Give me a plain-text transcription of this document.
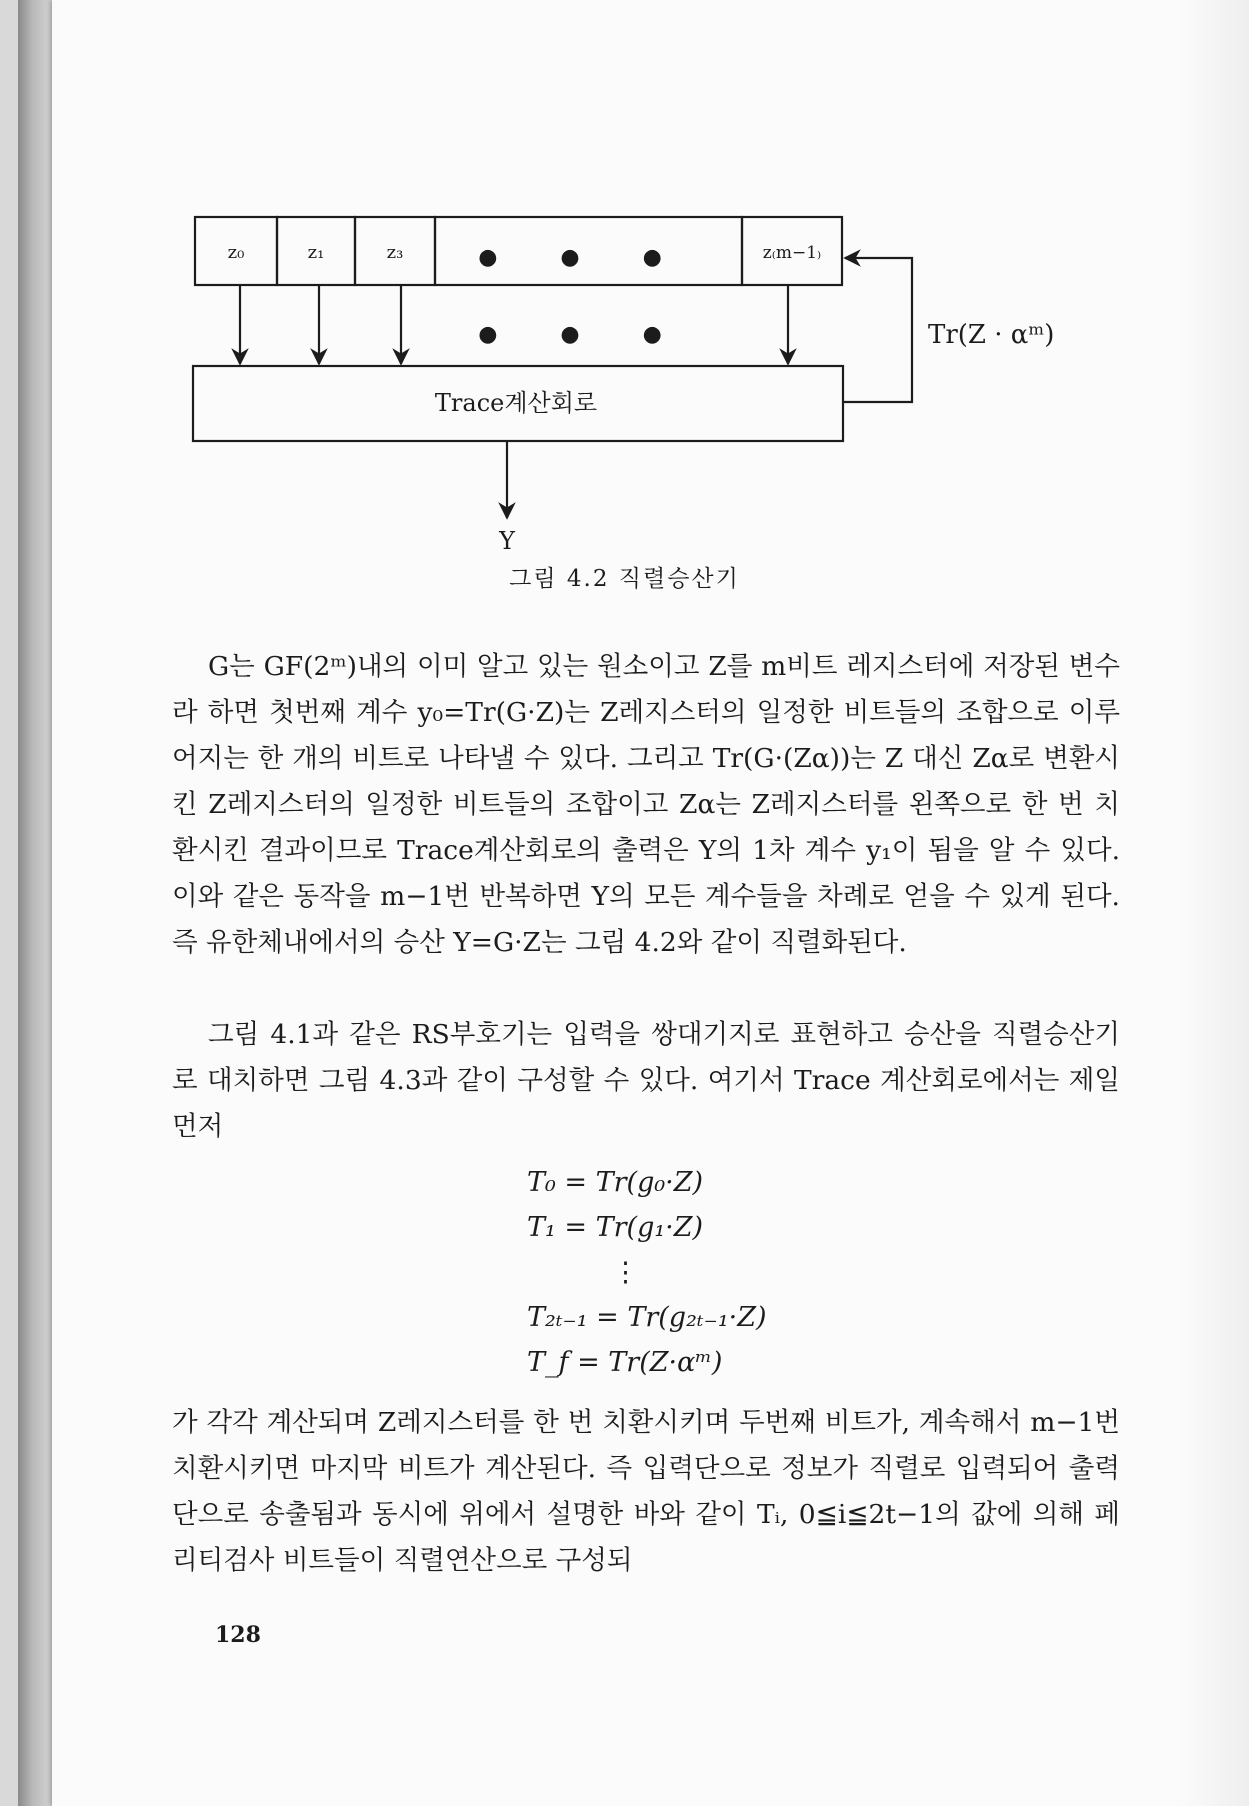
z₀	z₁	z₃	● ● ●	z₍m−1₎
● ● ●
Trace계산회로
Tr(Z · αᵐ)
Y
그림 4.2 직렬승산기
G는 GF(2ᵐ)내의 이미 알고 있는 원소이고 Z를 m비트 레지스터에 저장된 변수라 하면 첫번째 계수 y₀=Tr(G·Z)는 Z레지스터의 일정한 비트들의 조합으로 이루어지는 한 개의 비트로 나타낼 수 있다. 그리고 Tr(G·(Zα))는 Z 대신 Zα로 변환시킨 Z레지스터의 일정한 비트들의 조합이고 Zα는 Z레지스터를 왼쪽으로 한 번 치환시킨 결과이므로 Trace계산회로의 출력은 Y의 1차 계수 y₁이 됨을 알 수 있다. 이와 같은 동작을 m−1번 반복하면 Y의 모든 계수들을 차례로 얻을 수 있게 된다. 즉 유한체내에서의 승산 Y=G·Z는 그림 4.2와 같이 직렬화된다.
그림 4.1과 같은 RS부호기는 입력을 쌍대기지로 표현하고 승산을 직렬승산기로 대치하면 그림 4.3과 같이 구성할 수 있다. 여기서 Trace 계산회로에서는 제일 먼저
T₀ = Tr(g₀·Z)
T₁ = Tr(g₁·Z)
⋮
T₂ₜ₋₁ = Tr(g₂ₜ₋₁·Z)
T_f = Tr(Z·αᵐ)
가 각각 계산되며 Z레지스터를 한 번 치환시키며 두번째 비트가, 계속해서 m−1번 치환시키면 마지막 비트가 계산된다. 즉 입력단으로 정보가 직렬로 입력되어 출력단으로 송출됨과 동시에 위에서 설명한 바와 같이 Tᵢ, 0≦i≦2t−1의 값에 의해 페리티검사 비트들이 직렬연산으로 구성되
128
